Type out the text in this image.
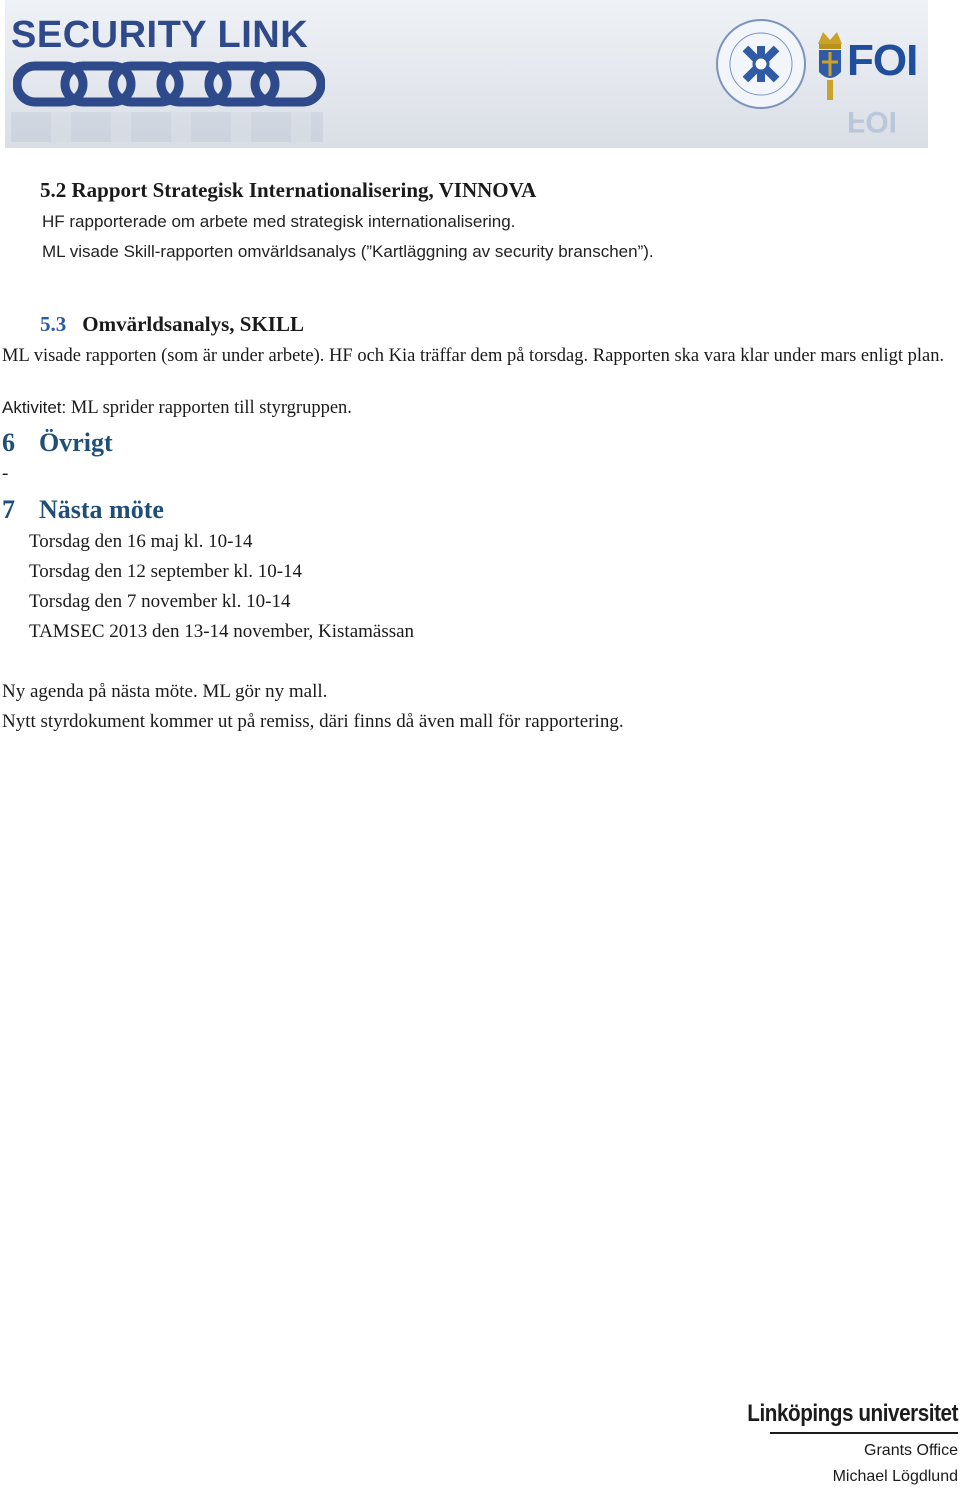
SECURITY LINK
FOI
FOI
5.2 Rapport Strategisk Internationalisering, VINNOVA
HF rapporterade om arbete med strategisk internationalisering.
ML visade Skill-rapporten omvärldsanalys (”Kartläggning av security branschen”).
5.3 Omvärldsanalys, SKILL
ML visade rapporten (som är under arbete). HF och Kia träffar dem på torsdag. Rapporten ska vara klar under mars enligt plan.
Aktivitet: ML sprider rapporten till styrgruppen.
6 Övrigt
-
7 Nästa möte
Torsdag den 16 maj kl. 10-14
Torsdag den 12 september kl. 10-14
Torsdag den 7 november kl. 10-14
TAMSEC 2013 den 13-14 november, Kistamässan
Ny agenda på nästa möte. ML gör ny mall.
Nytt styrdokument kommer ut på remiss, däri finns då även mall för rapportering.
Linköpings universitet
Grants Office
Michael Lögdlund
